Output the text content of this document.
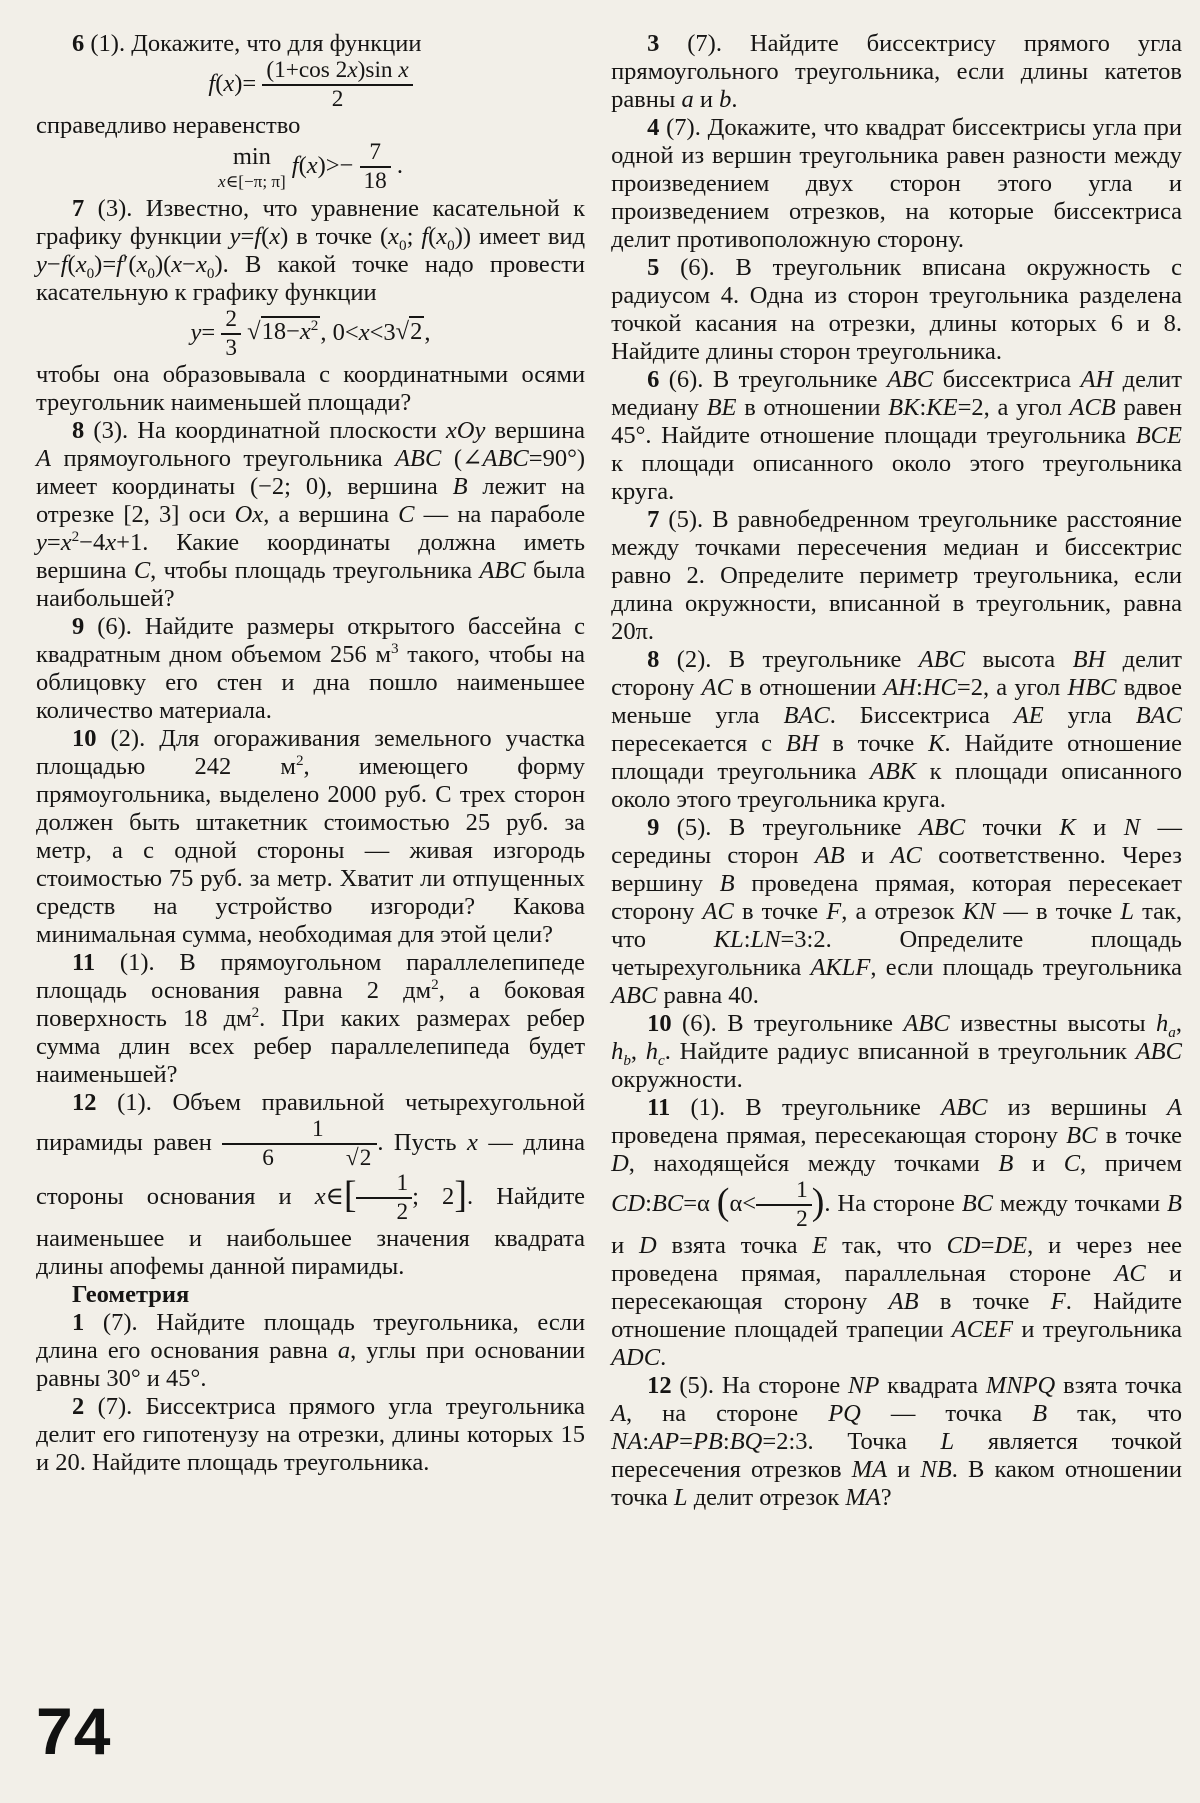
6 (1). Докажите, что для функции

$f(x)= \frac{\text{(1+cos 2x)sin x}}{2}$

справедливо неравенство

min
x∈[−π; π]
$f(x)>- \frac{7}{18}$ .

7 (3). Известно, что уравнение касательной к графику функции y=f(x) в точке ($x_0$; $f(x_0)$) имеет вид $y-f(x_0)=f'(x_0)(x-x_0)$. В какой точке надо провести касательную к графику функции

$y= \frac{2}{3} √18-x^2$, 0<x<3√2,

чтобы она образовывала с координатными осями треугольник наименьшей площади?

8 (3). На координатной плоскости xOy вершина A прямоугольного треугольника ABC (∠ABC=90°) имеет координаты (−2; 0), вершина B лежит на отрезке [2, 3] оси Ox, а вершина C — на параболе $y=x^2-4x+1$. Какие координаты должна иметь вершина C, чтобы площадь треугольника ABC была наибольшей?

9 (6). Найдите размеры открытого бассейна с квадратным дном объемом 256 $м^3$ такого, чтобы на облицовку его стен и дна пошло наименьшее количество материала.

10 (2). Для огораживания земельного участка площадью 242 $м^2$, имеющего форму прямоугольника, выделено 2000 руб. С трех сторон должен быть штакетник стоимостью 25 руб. за метр, а с одной стороны — живая изгородь стоимостью 75 руб. за метр. Хватит ли отпущенных средств на устройство изгороди? Какова минимальная сумма, необходимая для этой цели?

11 (1). В прямоугольном параллелепипеде площадь основания равна 2 $дм^2$, а боковая поверхность 18 $дм^2$. При каких размерах ребер сумма длин всех ребер параллелепипеда будет наименьшей?

12 (1). Объем правильной четырехугольной пирамиды равен 1
6	√2 . Пусть x — длина стороны основания и x∈[ $\frac{1}{2}$ ; 2]. Найдите наименьшее и наибольшее значения квадрата длины апофемы данной пирамиды.

Геометрия

1 (7). Найдите площадь треугольника, если длина его основания равна a, углы при основании равны 30° и 45°.

2 (7). Биссектриса прямого угла треугольника делит его гипотенузу на отрезки, длины которых 15 и 20. Найдите площадь треугольника.

3 (7). Найдите биссектрису прямого угла прямоугольного треугольника, если длины катетов равны a и b.

4 (7). Докажите, что квадрат биссектрисы угла при одной из вершин треугольника равен разности между произведением двух сторон этого угла и произведением отрезков, на которые биссектриса делит противоположную сторону.

5 (6). В треугольник вписана окружность с радиусом 4. Одна из сторон треугольника разделена точкой касания на отрезки, длины которых 6 и 8. Найдите длины сторон треугольника.

6 (6). В треугольнике ABC биссектриса AH делит медиану BE в отношении BK:KE=2, а угол ACB равен 45°. Найдите отношение площади треугольника BCE к площади описанного около этого треугольника круга.

7 (5). В равнобедренном треугольнике расстояние между точками пересечения медиан и биссектрис равно 2. Определите периметр треугольника, если длина окружности, вписанной в треугольник, равна 20π.

8 (2). В треугольнике ABC высота BH делит сторону AC в отношении AH:HC=2, а угол HBC вдвое меньше угла BAC. Биссектриса AE угла BAC пересекается с BH в точке K. Найдите отношение площади треугольника ABK к площади описанного около этого треугольника круга.

9 (5). В треугольнике ABC точки K и N — середины сторон AB и AC соответственно. Через вершину B проведена прямая, которая пересекает сторону AC в точке F, а отрезок KN — в точке L так, что KL:LN=3:2. Определите площадь четырехугольника AKLF, если площадь треугольника ABC равна 40.

10 (6). В треугольнике ABC известны высоты $h_a$, $h_b$, $h_c$. Найдите радиус вписанной в треугольник ABC окружности.

11 (1). В треугольнике ABC из вершины A проведена прямая, пересекающая сторону BC в точке D, находящейся между точками B и C, причем CD:BC=α ($\alpha< \frac{1}{2}$ ). На стороне BC между точками B и D взята точка E так, что CD=DE, и через нее проведена прямая, параллельная стороне AC и пересекающая сторону AB в точке F. Найдите отношение площадей трапеции ACEF и треугольника ADC.

12 (5). На стороне NP квадрата MNPQ взята точка A, на стороне PQ — точка B так, что NA:AP=PB:BQ=2:3. Точка L является точкой пересечения отрезков MA и NB. В каком отношении точка L делит отрезок MA?

74
